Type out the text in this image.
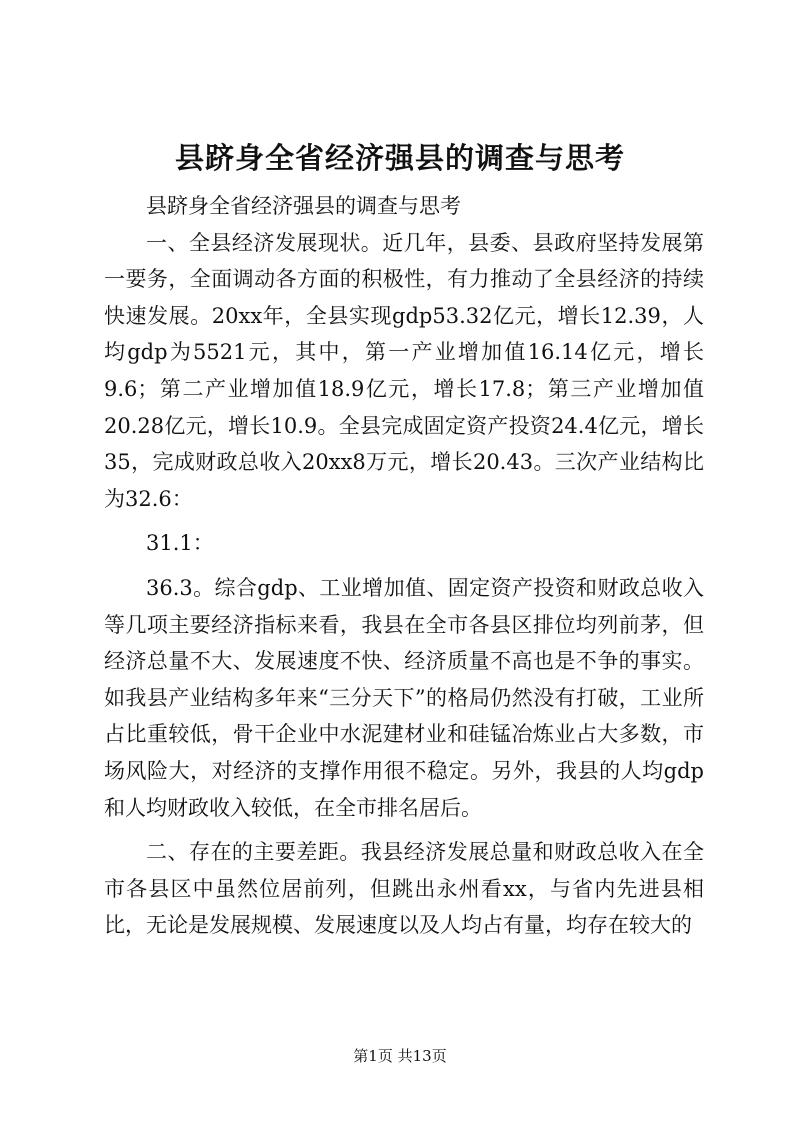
县跻身全省经济强县的调查与思考

县跻身全省经济强县的调查与思考

一、全县经济发展现状。近几年，县委、县政府坚持发展第一要务，全面调动各方面的积极性，有力推动了全县经济的持续快速发展。20xx年，全县实现gdp53.32亿元，增长12.39，人均gdp为5521元，其中，第一产业增加值16.14亿元，增长9.6；第二产业增加值18.9亿元，增长17.8；第三产业增加值20.28亿元，增长10.9。全县完成固定资产投资24.4亿元，增长35，完成财政总收入20xx8万元，增长20.43。三次产业结构比为32.6：

31.1：

36.3。综合gdp、工业增加值、固定资产投资和财政总收入等几项主要经济指标来看，我县在全市各县区排位均列前茅，但经济总量不大、发展速度不快、经济质量不高也是不争的事实。如我县产业结构多年来“三分天下”的格局仍然没有打破，工业所占比重较低，骨干企业中水泥建材业和硅锰冶炼业占大多数，市场风险大，对经济的支撑作用很不稳定。另外，我县的人均gdp和人均财政收入较低，在全市排名居后。

二、存在的主要差距。我县经济发展总量和财政总收入在全市各县区中虽然位居前列，但跳出永州看xx，与省内先进县相比，无论是发展规模、发展速度以及人均占有量，均存在较大的

第1页 共13页
